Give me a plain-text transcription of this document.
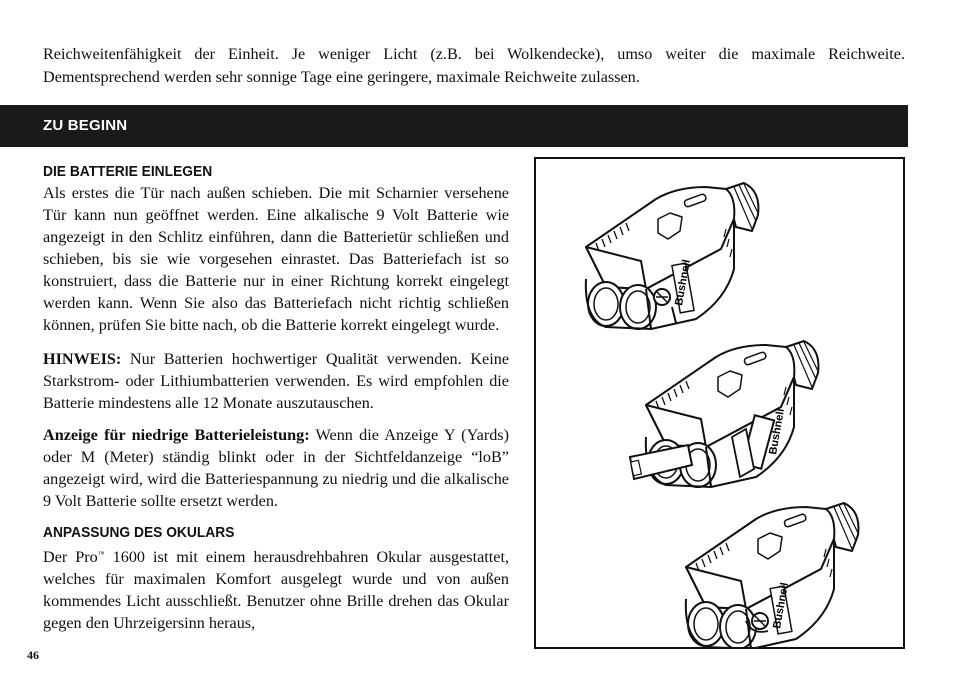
Reichweitenfähigkeit der Einheit. Je weniger Licht (z.B. bei Wolkendecke), umso weiter die maximale Reichweite. Dementsprechend werden sehr sonnige Tage eine geringere, maximale Reichweite zulassen.

ZU BEGINN
DIE BATTERIE EINLEGEN

Als erstes die Tür nach außen schieben. Die mit Scharnier versehene Tür kann nun geöffnet werden. Eine alkalische 9 Volt Batterie wie angezeigt in den Schlitz einführen, dann die Batterietür schließen und schieben, bis sie wie vorgesehen einrastet. Das Batteriefach ist so konstruiert, dass die Batterie nur in einer Richtung korrekt eingelegt werden kann. Wenn Sie also das Batteriefach nicht richtig schließen können, prüfen Sie bitte nach, ob die Batterie korrekt eingelegt wurde.

HINWEIS: Nur Batterien hochwertiger Qualität verwenden. Keine Starkstrom- oder Lithiumbatterien verwenden. Es wird empfohlen die Batterie mindestens alle 12 Monate auszutauschen.

Anzeige für niedrige Batterieleistung: Wenn die Anzeige Y (Yards) oder M (Meter) ständig blinkt oder in der Sichtfeldanzeige “loB” angezeigt wird, wird die Batteriespannung zu niedrig und die alkalische 9 Volt Batterie sollte ersetzt werden.

ANPASSUNG DES OKULARS

Der Pro™ 1600 ist mit einem herausdrehbahren Okular ausgestattet, welches für maximalen Komfort ausgelegt wurde und von außen kommendes Licht ausschließt. Benutzer ohne Brille drehen das Okular gegen den Uhrzeigersinn heraus,

Bushnell
Bushnell
Bushnell
46
